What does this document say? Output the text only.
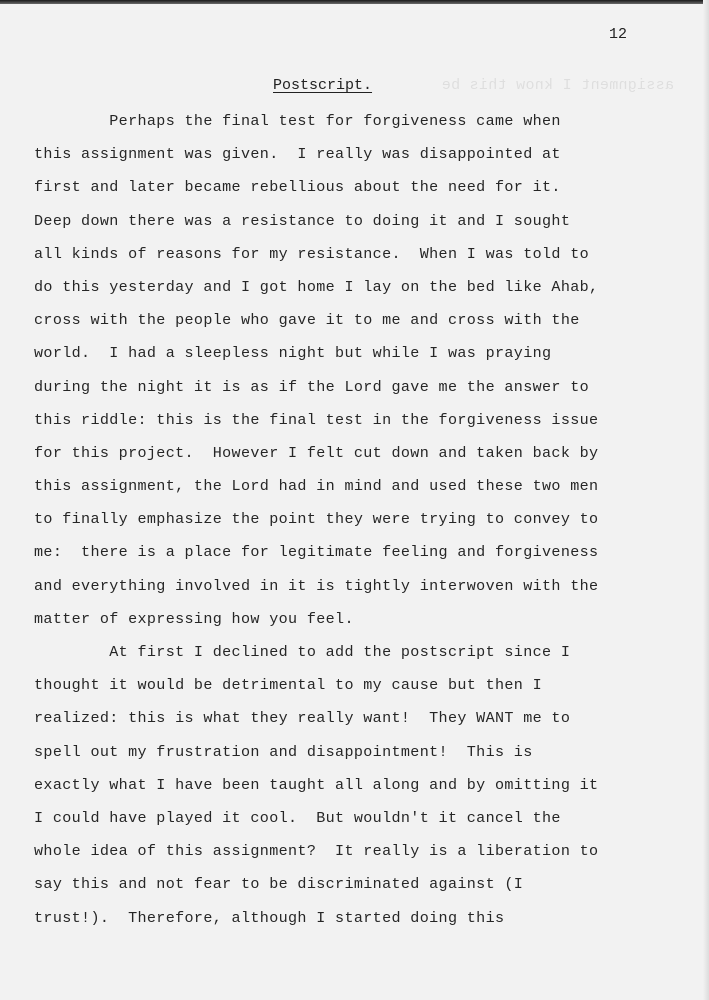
assignment I know this be
12
Postscript.
Perhaps the final test for forgiveness came when
this assignment was given.  I really was disappointed at
first and later became rebellious about the need for it.
Deep down there was a resistance to doing it and I sought
all kinds of reasons for my resistance.  When I was told to
do this yesterday and I got home I lay on the bed like Ahab,
cross with the people who gave it to me and cross with the
world.  I had a sleepless night but while I was praying
during the night it is as if the Lord gave me the answer to
this riddle: this is the final test in the forgiveness issue
for this project.  However I felt cut down and taken back by
this assignment, the Lord had in mind and used these two men
to finally emphasize the point they were trying to convey to
me:  there is a place for legitimate feeling and forgiveness
and everything involved in it is tightly interwoven with the
matter of expressing how you feel.
At first I declined to add the postscript since I
thought it would be detrimental to my cause but then I
realized: this is what they really want!  They WANT me to
spell out my frustration and disappointment!  This is
exactly what I have been taught all along and by omitting it
I could have played it cool.  But wouldn't it cancel the
whole idea of this assignment?  It really is a liberation to
say this and not fear to be discriminated against (I
trust!).  Therefore, although I started doing this
